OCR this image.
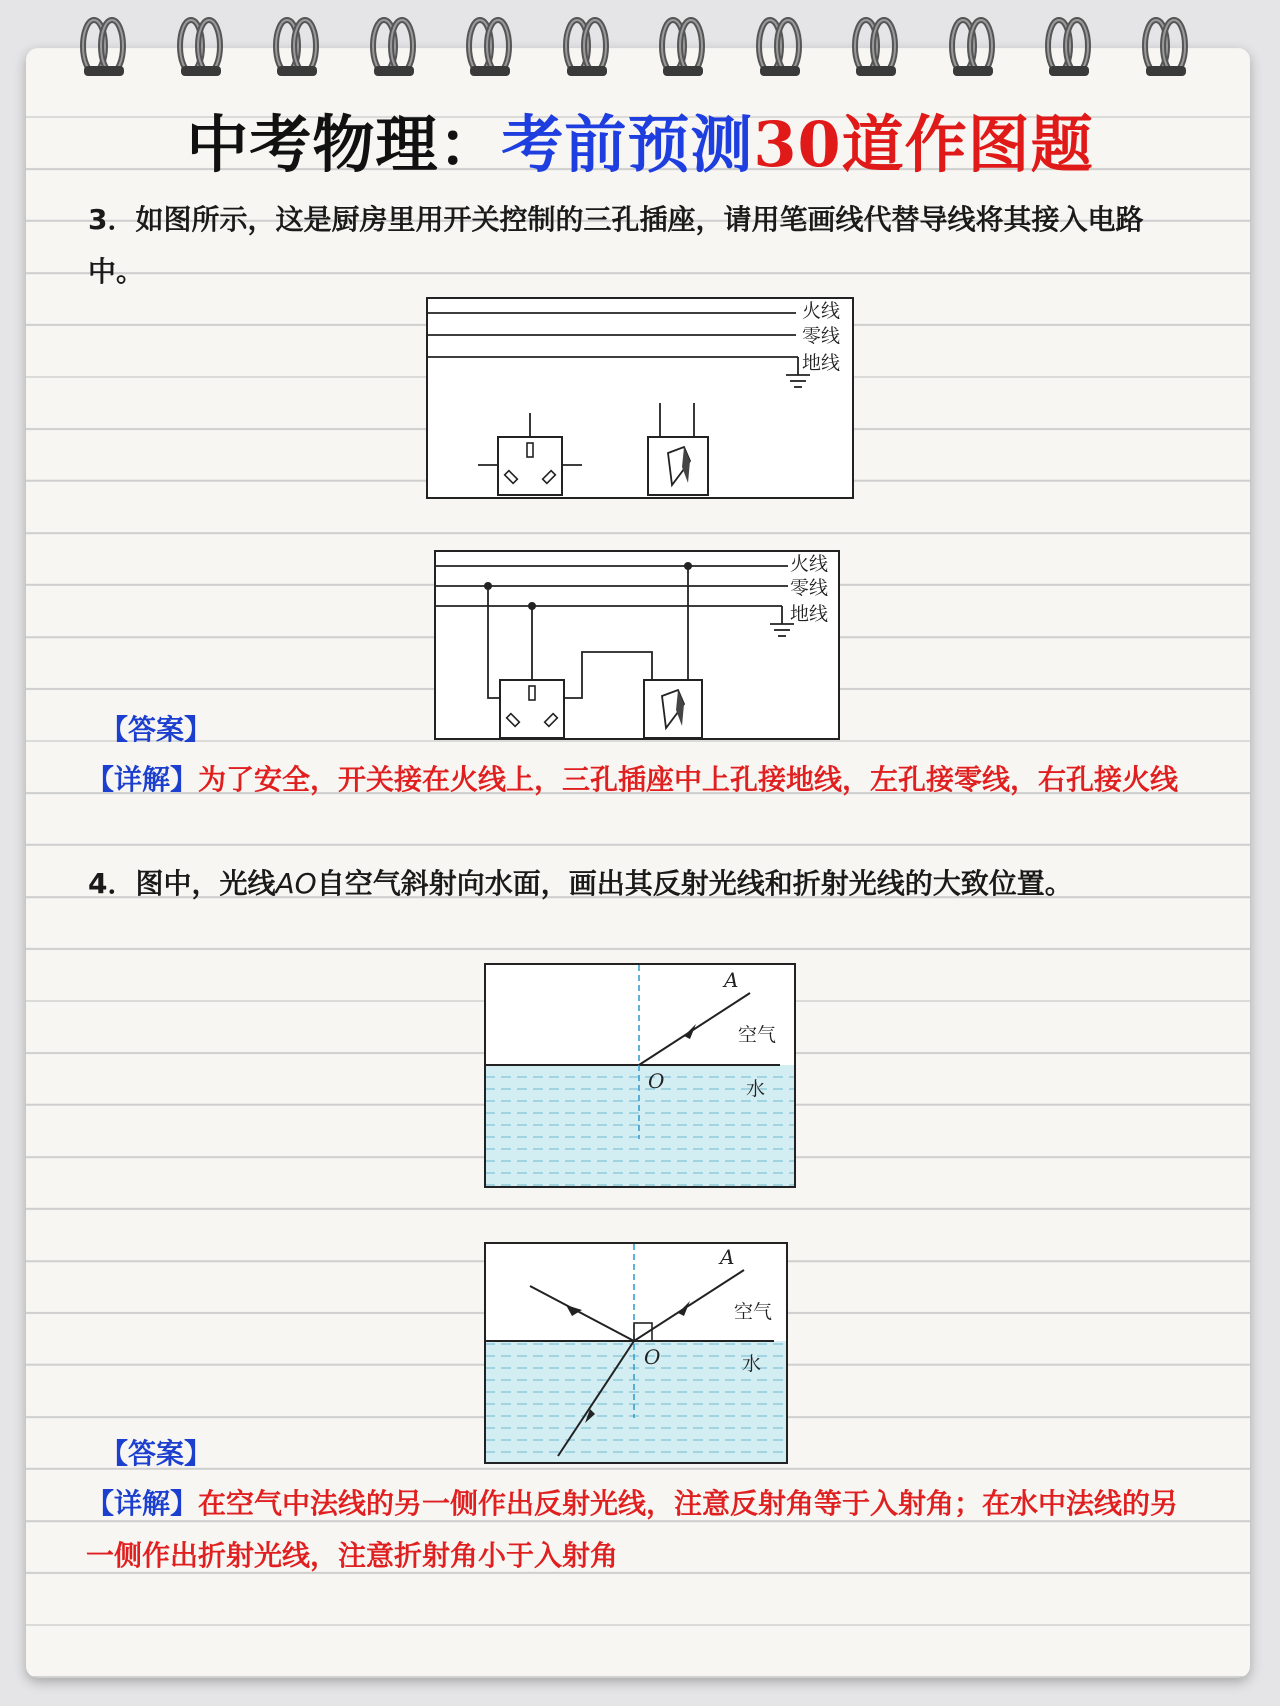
中考物理：考前预测30道作图题
3．如图所示，这是厨房里用开关控制的三孔插座，请用笔画线代替导线将其接入电路中。
火线
零线
地线
火线
零线
地线
【答案】
【详解】为了安全，开关接在火线上，三孔插座中上孔接地线，左孔接零线，右孔接火线
4．图中，光线AO自空气斜射向水面，画出其反射光线和折射光线的大致位置。
A
空气
O	水
A
空气
O	水
【答案】
【详解】在空气中法线的另一侧作出反射光线，注意反射角等于入射角；在水中法线的另一侧作出折射光线，注意折射角小于入射角
